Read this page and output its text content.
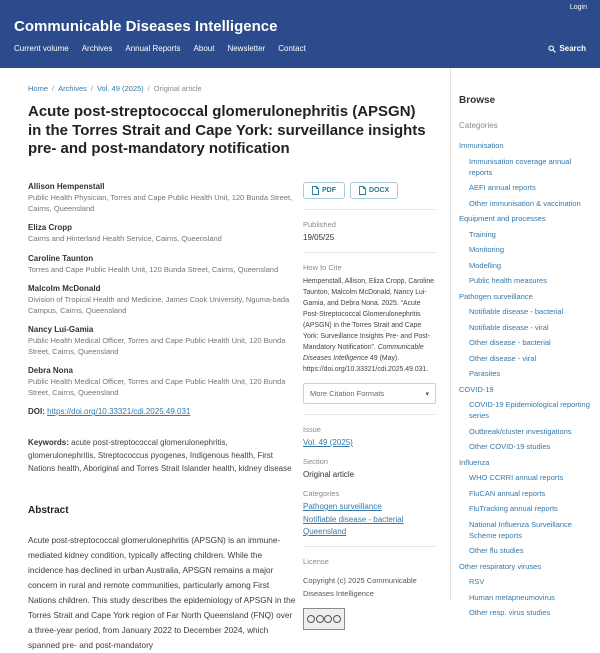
Login
Communicable Diseases Intelligence
Current volume Archives Annual Reports About Newsletter Contact	Search
Home / Archives / Vol. 49 (2025) / Original article
Acute post-streptococcal glomerulonephritis (APSGN) in the Torres Strait and Cape York: surveillance insights pre- and post-mandatory notification
Allison Hempenstall
Public Health Physician, Torres and Cape Public Health Unit, 120 Bunda Street, Cairns, Queensland
Eliza Cropp
Cairns and Hinterland Health Service, Cairns, Queensland
Caroline Taunton
Torres and Cape Public Health Unit, 120 Bunda Street, Cairns, Queensland
Malcolm McDonald
Division of Tropical Health and Medicine, James Cook University, Nguma-bada Campus, Cairns, Queensland
Nancy Lui-Gamia
Public Health Medical Officer, Torres and Cape Public Health Unit, 120 Bunda Street, Cairns, Queensland
Debra Nona
Public Health Medical Officer, Torres and Cape Public Health Unit, 120 Bunda Street, Cairns, Queensland
DOI: https://doi.org/10.33321/cdi.2025.49.031
Keywords: acute post-streptococcal glomerulonephritis, glomerulonephritis, Streptococcus pyogenes, Indigenous health, First Nations health, Aboriginal and Torres Strait Islander health, kidney disease
Abstract

Acute post-streptococcal glomerulonephritis (APSGN) is an immune-mediated kidney condition, typically affecting children. While the incidence has declined in urban Australia, APSGN remains a major concern in rural and remote communities, particularly among First Nations children. This study describes the epidemiology of APSGN in the Torres Strait and Cape York region of Far North Queensland (FNQ) over a three-year period, from January 2022 to December 2024, which spanned pre- and post-mandatory

PDF	DOCX
Published
19/05/25
How to Cite

Hempenstall, Allison, Eliza Cropp, Caroline Taunton, Malcolm McDonald, Nancy Lui-Gamia, and Debra Nona. 2025. “Acute Post-Streptococcal Glomerulonephritis (APSGN) in the Torres Strait and Cape York: Surveillance Insights Pre- and Post-Mandatory Notification”. Communicable Diseases Intelligence 49 (May). https://doi.org/10.33321/cdi.2025.49.031.

More Citation Formats	▾
Issue
Vol. 49 (2025)
Section
Original article
Categories
Pathogen surveillance
Notifiable disease - bacterial
Queensland
License
Copyright (c) 2025 Communicable Diseases Intelligence
Browse
Categories
Immunisation
Immunisation coverage annual reports
AEFI annual reports
Other immunisation & vaccination
Equipment and processes
Training
Monitoring
Modelling
Public health measures
Pathogen surveillance
Notifiable disease - bacterial
Notifiable disease - viral
Other disease - bacterial
Other disease - viral
Parasites
COVID-19
COVID-19 Epidemiological reporting series
Outbreak/cluster investigations
Other COVID-19 studies
Influenza
WHO CCRRI annual reports
FluCAN annual reports
FluTracking annual reports
National Influenza Surveillance Scheme reports
Other flu studies
Other respiratory viruses
RSV
Human metapneumovirus
Other resp. virus studies
